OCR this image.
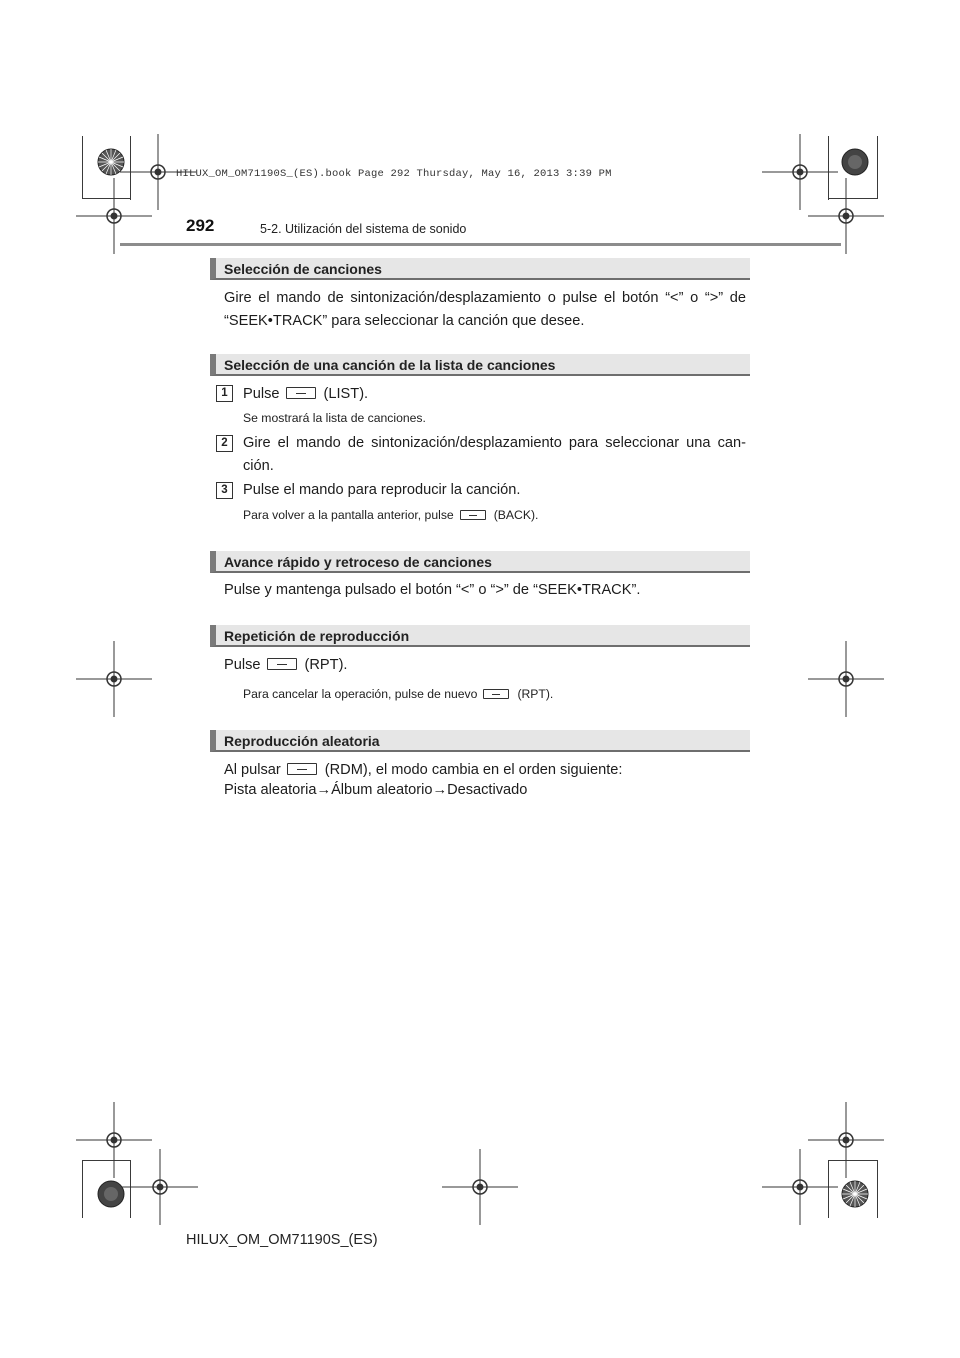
HILUX_OM_OM71190S_(ES).book Page 292 Thursday, May 16, 2013 3:39 PM
292	5-2. Utilización del sistema de sonido
Selección de canciones
Gire el mando de sintonización/desplazamiento o pulse el botón “<” o “>” de “SEEK•TRACK” para seleccionar la canción que desee.
Selección de una canción de la lista de canciones
1 Pulse	(LIST).
Se mostrará la lista de canciones.
2 Gire el mando de sintonización/desplazamiento para seleccionar una can-ción.
3 Pulse el mando para reproducir la canción.
Para volver a la pantalla anterior, pulse	(BACK).
Avance rápido y retroceso de canciones
Pulse y mantenga pulsado el botón “<” o “>” de “SEEK•TRACK”.
Repetición de reproducción
Pulse	(RPT).
Para cancelar la operación, pulse de nuevo	(RPT).
Reproducción aleatoria
Al pulsar	(RDM), el modo cambia en el orden siguiente:
Pista aleatoria→Álbum aleatorio→Desactivado
HILUX_OM_OM71190S_(ES)
